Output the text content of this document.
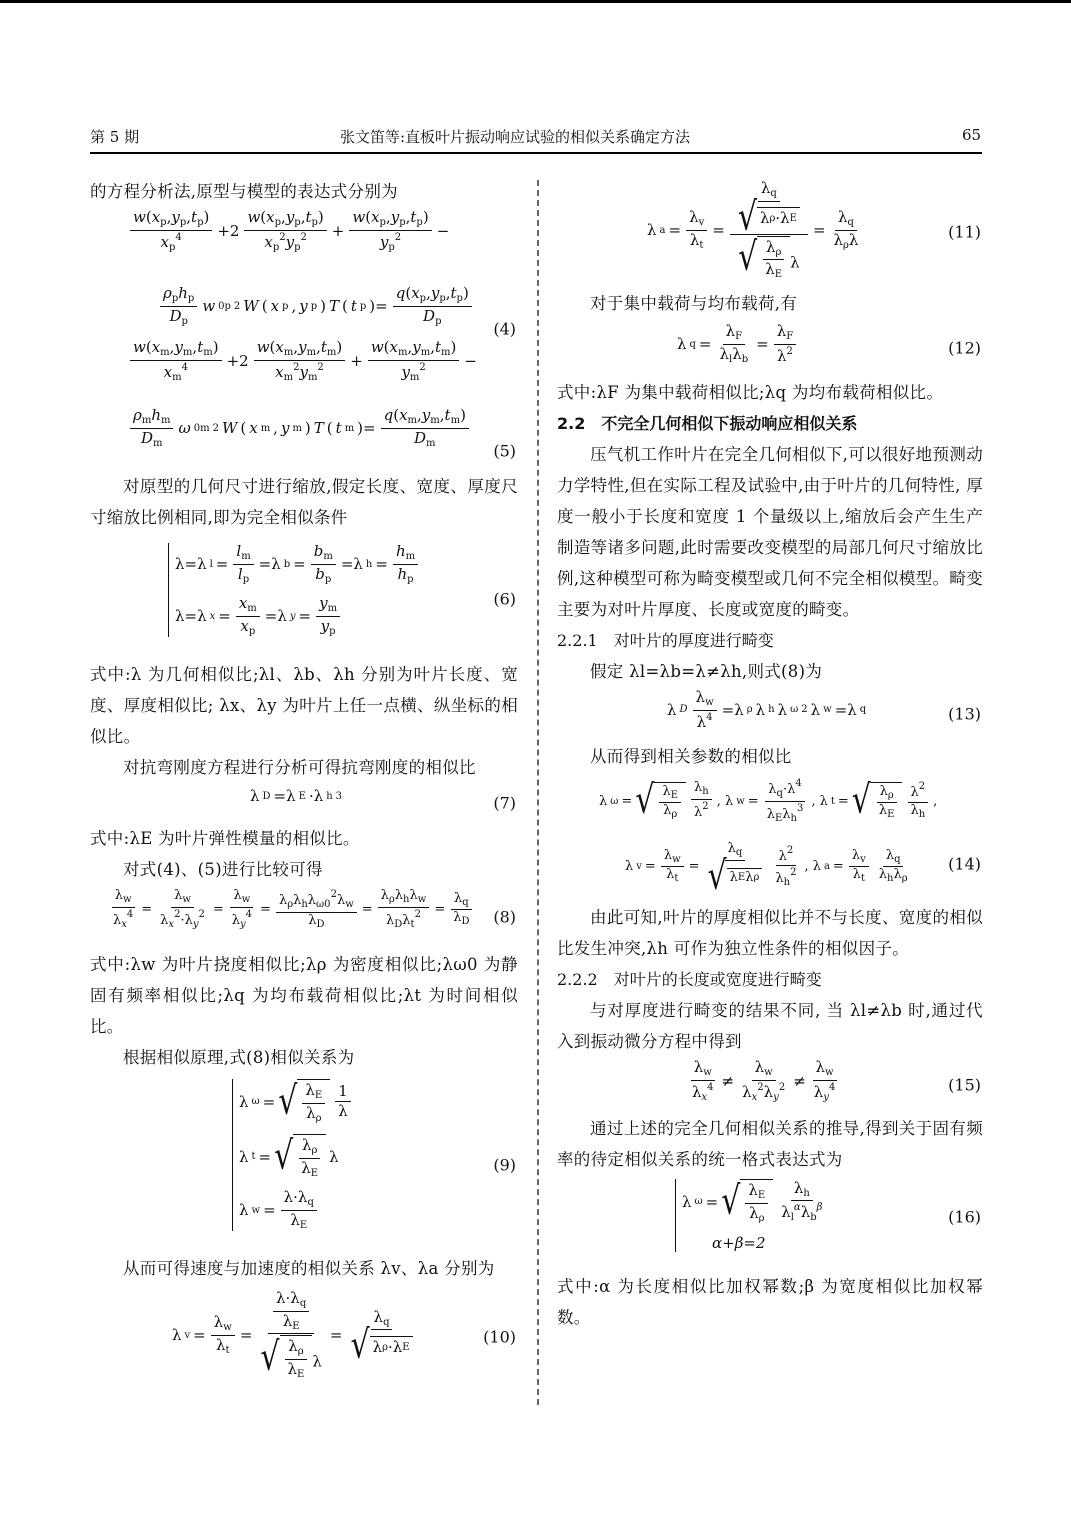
第 5 期	张文笛等:直板叶片振动响应试验的相似关系确定方法	65

的方程分析法,原型与模型的表达式分别为

$\frac{w(x_p,y_p,t_p)}{x_p^4} +2 \frac{w(x_p,y_p,t_p)}{x_p^2y_p^2} + \frac{w(x_p,y_p,t_p)}{y_p^2}$ −
$\frac{\rho_ph_p}{D_p}$ w 0p 2 W ( x p , y p ) T ( t p )= $\frac{q(x_p,y_p,t_p)}{D_p}$
(4)
$\frac{w(x_m,y_m,t_m)}{x_m^4} +2 \frac{w(x_m,y_m,t_m)}{x_m^2y_m^2} + \frac{w(x_m,y_m,t_m)}{y_m^2}$ −
$\frac{\rho_mh_m}{D_m}$ ω 0m 2 W ( x m , y m ) T ( t m )= $\frac{q(x_m,y_m,t_m)}{D_m}$
(5)

对原型的几何尺寸进行缩放,假定长度、宽度、厚度尺寸缩放比例相同,即为完全相似条件

λ=λ $l = \frac{l_m}{l_p} =\lambda$ $b = \frac{b_m}{b_p} =\lambda$ $h = \frac{h_m}{h_p}$
λ=λ $x = \frac{x_m}{x_p} =\lambda$ $y = \frac{y_m}{y_p}$	(6)

式中:λ 为几何相似比;λl、λb、λh 分别为叶片长度、宽度、厚度相似比; λx、λy 为叶片上任一点横、纵坐标的相似比。

对抗弯刚度方程进行分析可得抗弯刚度的相似比

λ D =λ E ·λ h 3	(7)

式中:λE 为叶片弹性模量的相似比。

对式(4)、(5)进行比较可得

$\frac{\lambda_w}{\lambda_x^4} = \frac{\lambda_w}{\lambda_x^2\cdot\lambda_y^2} = \frac{\lambda_w}{\lambda_y^4} = \frac{\lambda_\rho\lambda_h\lambda_{\omega 0}^2\lambda_w}{\lambda_D} = \frac{\lambda_\rho\lambda_h\lambda_w}{\lambda_D\lambda_t^2} = \frac{\lambda_q}{\lambda_D} (8)$

式中:λw 为叶片挠度相似比;λρ 为密度相似比;λω0 为静固有频率相似比;λq 为均布载荷相似比;λt 为时间相似比。

根据相似原理,式(8)相似关系为

λ ω = √ $\frac{\lambda_E}{\lambda_\rho} \frac{1}{\lambda}$
λ t = √ $\frac{\lambda_\rho}{\lambda_E}$ λ
λ $w = \frac{\lambda\cdot\lambda_q}{\lambda_E}$
(9)

从而可得速度与加速度的相似关系 λv、λa 分别为

λ $v = \frac{\lambda_w}{\lambda_t} = \frac{\frac{\lambda\cdot\lambda_q}{\lambda_E}}{√ \frac{\lambda_\rho}{\lambda_E} \lambda} = \frac{\lambda_q}{\text{√ λ ρ ·λ E}}$	(10)
λ $a = \frac{\lambda_v}{\lambda_t} = \frac{\frac{\lambda_q}{\text{√ λ ρ ·λ E}}}{√ \frac{\lambda_\rho}{\lambda_E} \lambda} = \frac{\lambda_q}{\lambda_\rho\lambda}$	(11)

对于集中载荷与均布载荷,有

λ $q = \frac{\lambda_F}{\lambda_l\lambda_b} = \frac{\lambda_F}{\lambda^2}$	(12)

式中:λF 为集中载荷相似比;λq 为均布载荷相似比。

2.2　不完全几何相似下振动响应相似关系

压气机工作叶片在完全几何相似下,可以很好地预测动力学特性,但在实际工程及试验中,由于叶片的几何特性, 厚度一般小于长度和宽度 1 个量级以上,缩放后会产生生产制造等诸多问题,此时需要改变模型的局部几何尺寸缩放比例,这种模型可称为畸变模型或几何不完全相似模型。畸变主要为对叶片厚度、长度或宽度的畸变。

2.2.1　对叶片的厚度进行畸变

假定 λl=λb=λ≠λh,则式(8)为

λ D $\frac{\lambda_w}{\lambda^4} =\lambda$ ρ λ h λ ω 2 λ w =λ q	(13)

从而得到相关参数的相似比

λ ω = √ $\frac{\lambda_E}{\lambda_\rho} \frac{\lambda_h}{\lambda^2}$ , λ $w = \frac{\lambda_q\cdot\lambda^4}{\lambda_E\lambda_h^3}$ , λ t = √ $\frac{\lambda_\rho}{\lambda_E} \frac{\lambda^2}{\lambda_h}$ ,
λ $v = \frac{\lambda_w}{\lambda_t} = \frac{\lambda_q}{\text{√ λ E λ ρ}} \frac{\lambda^2}{\lambda_h^2}$ , λ $a = \frac{\lambda_v}{\lambda_t} \frac{\lambda_q}{\lambda_h\lambda_\rho} (14)$

由此可知,叶片的厚度相似比并不与长度、宽度的相似比发生冲突,λh 可作为独立性条件的相似因子。

2.2.2　对叶片的长度或宽度进行畸变

与对厚度进行畸变的结果不同, 当 λl≠λb 时,通过代入到振动微分方程中得到

$\frac{\lambda_w}{\lambda_x^4} \ne \frac{\lambda_w}{\lambda_x^2\lambda_y^2} \ne \frac{\lambda_w}{\lambda_y^4}$	(15)

通过上述的完全几何相似关系的推导,得到关于固有频率的待定相似关系的统一格式表达式为

λ ω = √ $\frac{\lambda_E}{\lambda_\rho} \frac{\lambda_h}{\lambda_l^\alpha\lambda_b^\beta}$
α+β=2
(16)

式中:α 为长度相似比加权幂数;β 为宽度相似比加权幂数。
